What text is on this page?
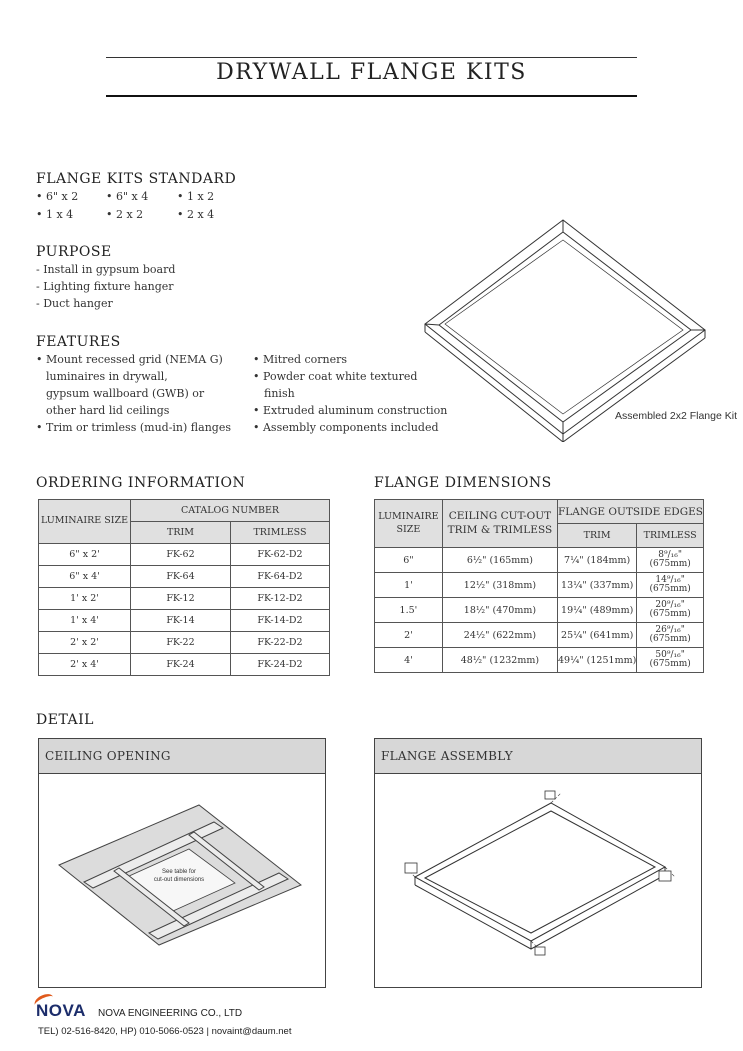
DRYWALL FLANGE KITS
FLANGE KITS STANDARD
• 6" x 2	• 6" x 4	• 1 x 2
• 1 x 4	• 2 x 2	• 2 x 4
PURPOSE
- Install in gypsum board
- Lighting fixture hanger
- Duct hanger
FEATURES
• Mount recessed grid (NEMA G)
luminaires in drywall,
gypsum wallboard (GWB) or
other hard lid ceilings
• Trim or trimless (mud-in) flanges
• Mitred corners
• Powder coat white textured
finish
• Extruded aluminum construction
• Assembly components included
Assembled 2x2 Flange Kit
ORDERING INFORMATION
LUMINAIRE SIZE	CATALOG NUMBER	
	TRIM	TRIMLESS
6" x 2'	FK-62	FK-62-D2
6" x 4'	FK-64	FK-64-D2
1' x 2'	FK-12	FK-12-D2
1' x 4'	FK-14	FK-14-D2
2' x 2'	FK-22	FK-22-D2
2' x 4'	FK-24	FK-24-D2
FLANGE DIMENSIONS
LUMINAIRE SIZE	CEILING CUT-OUT TRIM & TRIMLESS	FLANGE OUTSIDE EDGES	
		TRIM	TRIMLESS
6"	6½" (165mm)	7¼" (184mm)	8⁹/₁₆"
(675mm)

1'	12½" (318mm)	13¼" (337mm)	14⁹/₁₆"
(675mm)

1.5'	18½" (470mm)	19¼" (489mm)	20⁹/₁₆"
(675mm)

2'	24½" (622mm)	25¼" (641mm)	26⁹/₁₆"
(675mm)

4'	48½" (1232mm)	49¼" (1251mm)	50⁹/₁₆"
(675mm)
DETAIL
CEILING OPENING
See table for
cut-out dimensions
FLANGE ASSEMBLY
NOVA NOVA ENGINEERING CO., LTD
TEL) 02-516-8420, HP) 010-5066-0523 | novaint@daum.net
